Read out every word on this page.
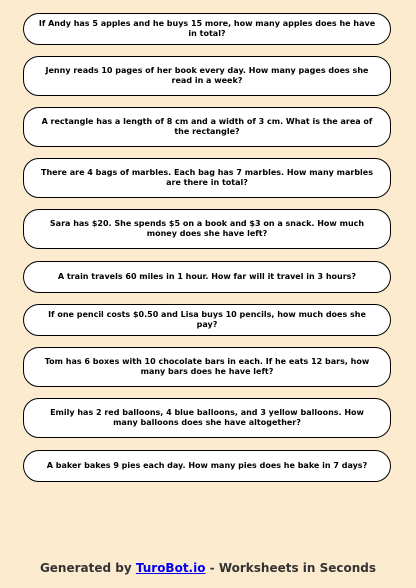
If Andy has 5 apples and he buys 15 more, how many apples does he have in total?
Jenny reads 10 pages of her book every day. How many pages does she read in a week?
A rectangle has a length of 8 cm and a width of 3 cm. What is the area of the rectangle?
There are 4 bags of marbles. Each bag has 7 marbles. How many marbles are there in total?
Sara has $20. She spends $5 on a book and $3 on a snack. How much money does she have left?
A train travels 60 miles in 1 hour. How far will it travel in 3 hours?
If one pencil costs $0.50 and Lisa buys 10 pencils, how much does she pay?
Tom has 6 boxes with 10 chocolate bars in each. If he eats 12 bars, how many bars does he have left?
Emily has 2 red balloons, 4 blue balloons, and 3 yellow balloons. How many balloons does she have altogether?
A baker bakes 9 pies each day. How many pies does he bake in 7 days?
Generated by TuroBot.io - Worksheets in Seconds
